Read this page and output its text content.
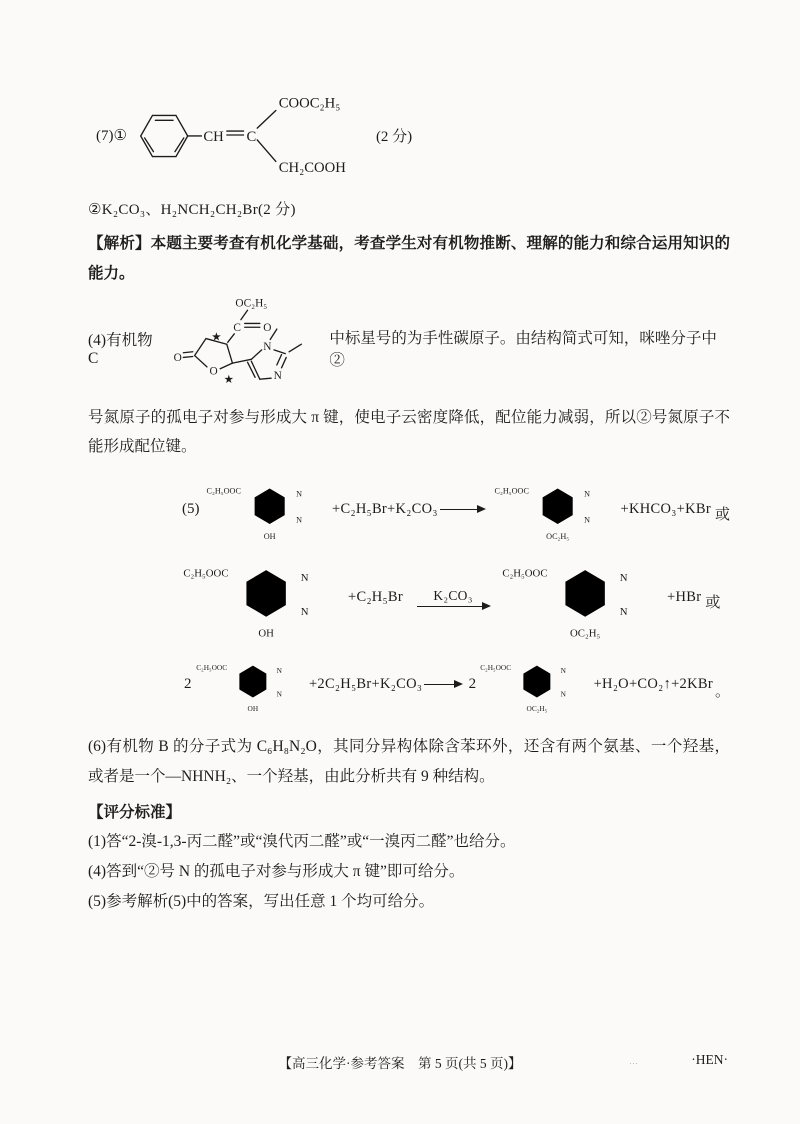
(7)①	CH C
COOC₂H₅
CH₂COOH
(2 分)
②K₂CO₃、H₂NCH₂CH₂Br(2 分)

【解析】本题主要考查有机化学基础，考查学生对有机物推断、理解的能力和综合运用知识的能力。

(4)有机物 C
OC₂H₅
C O
★
O
O
★
N
N
中标星号的为手性碳原子。由结构简式可知，咪唑分子中②

号氮原子的孤电子对参与形成大 π 键，使电子云密度降低，配位能力减弱，所以②号氮原子不能形成配位键。

(5)
C₂H₅OOC	N
N
OH
+C₂H₅Br+K₂CO₃ →
C₂H₅OOC	N
N
OC₂H₅
+KHCO₃+KBr 或
C₂H₅OOC	N
N
OH
+C₂H₅Br K₂CO₃
C₂H₅OOC	N
N
OC₂H₅
+HBr 或
2
C₂H₅OOC	N
N
OH
+2C₂H₅Br+K₂CO₃ → 2
C₂H₅OOC	N
N
OC₂H₅
+H₂O+CO₂↑+2KBr 。

(6)有机物 B 的分子式为 C₆H₈N₂O，其同分异构体除含苯环外，还含有两个氨基、一个羟基，或者是一个—NHNH₂、一个羟基，由此分析共有 9 种结构。

【评分标准】

(1)答“2-溴-1,3-丙二醛”或“溴代丙二醛”或“一溴丙二醛”也给分。

(4)答到“②号 N 的孤电子对参与形成大 π 键”即可给分。

(5)参考解析(5)中的答案，写出任意 1 个均可给分。

【高三化学·参考答案　第 5 页(共 5 页)】	⋯	·HEN·
